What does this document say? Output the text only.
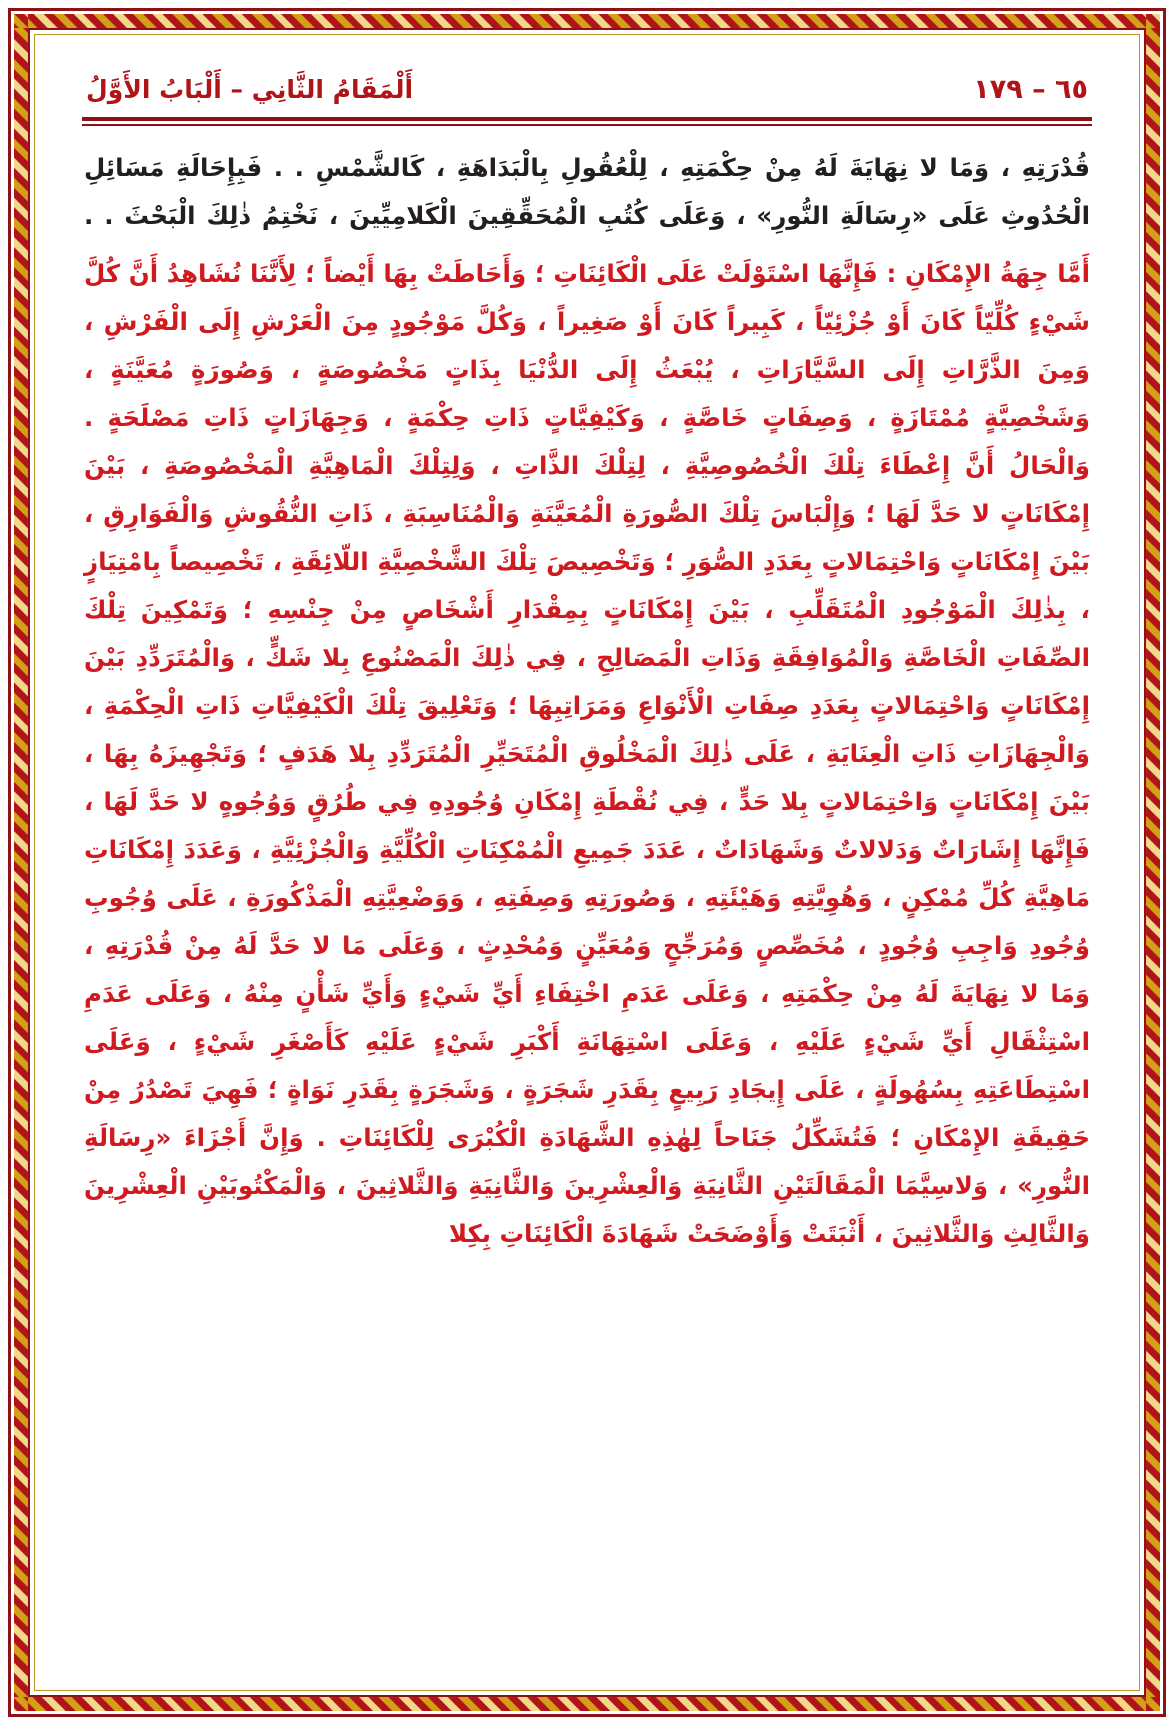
أَلْمَقَامُ الثَّانِي – أَلْبَابُ الأَوَّلُ	٦٥ – ١٧٩

قُدْرَتِهِ ، وَمَا لا نِهَايَةَ لَهُ مِنْ حِكْمَتِهِ ، لِلْعُقُولِ بِالْبَدَاهَةِ ، كَالشَّمْسِ . . فَبِإِحَالَةِ مَسَائِلِ الْحُدُوثِ عَلَى «رِسَالَةِ النُّورِ» ، وَعَلَى كُتُبِ الْمُحَقِّقِينَ الْكَلامِيِّينَ ، نَخْتِمُ ذٰلِكَ الْبَحْثَ . .

أَمَّا جِهَةُ الإِمْكَانِ : فَإِنَّهَا اسْتَوْلَتْ عَلَى الْكَائِنَاتِ ؛ وَأَحَاطَتْ بِهَا أَيْضاً ؛ لِأَنَّنَا نُشَاهِدُ أَنَّ كُلَّ شَيْءٍ كُلِّيّاً كَانَ أَوْ جُزْئِيّاً ، كَبِيراً كَانَ أَوْ صَغِيراً ، وَكُلَّ مَوْجُودٍ مِنَ الْعَرْشِ إِلَى الْفَرْشِ ، وَمِنَ الذَّرَّاتِ إِلَى السَّيَّارَاتِ ، يُبْعَثُ إِلَى الدُّنْيَا بِذَاتٍ مَخْصُوصَةٍ ، وَصُورَةٍ مُعَيَّنَةٍ ، وَشَخْصِيَّةٍ مُمْتَازَةٍ ، وَصِفَاتٍ خَاصَّةٍ ، وَكَيْفِيَّاتٍ ذَاتِ حِكْمَةٍ ، وَجِهَازَاتٍ ذَاتِ مَصْلَحَةٍ . وَالْحَالُ أَنَّ إِعْطَاءَ تِلْكَ الْخُصُوصِيَّةِ ، لِتِلْكَ الذَّاتِ ، وَلِتِلْكَ الْمَاهِيَّةِ الْمَخْصُوصَةِ ، بَيْنَ إِمْكَانَاتٍ لا حَدَّ لَهَا ؛ وَإِلْبَاسَ تِلْكَ الصُّورَةِ الْمُعَيَّنَةِ وَالْمُنَاسِبَةِ ، ذَاتِ النُّقُوشِ وَالْفَوَارِقِ ، بَيْنَ إِمْكَانَاتٍ وَاحْتِمَالاتٍ بِعَدَدِ الصُّوَرِ ؛ وَتَخْصِيصَ تِلْكَ الشَّخْصِيَّةِ اللّائِقَةِ ، تَخْصِيصاً بِامْتِيَازٍ ، بِذٰلِكَ الْمَوْجُودِ الْمُتَقَلِّبِ ، بَيْنَ إِمْكَانَاتٍ بِمِقْدَارِ أَشْخَاصٍ مِنْ جِنْسِهِ ؛ وَتَمْكِينَ تِلْكَ الصِّفَاتِ الْخَاصَّةِ وَالْمُوَافِقَةِ وَذَاتِ الْمَصَالِحِ ، فِي ذٰلِكَ الْمَصْنُوعِ بِلا شَكٍّ ، وَالْمُتَرَدِّدِ بَيْنَ إِمْكَانَاتٍ وَاحْتِمَالاتٍ بِعَدَدِ صِفَاتِ الْأَنْوَاعِ وَمَرَاتِبِهَا ؛ وَتَعْلِيقَ تِلْكَ الْكَيْفِيَّاتِ ذَاتِ الْحِكْمَةِ ، وَالْجِهَازَاتِ ذَاتِ الْعِنَايَةِ ، عَلَى ذٰلِكَ الْمَخْلُوقِ الْمُتَحَيِّرِ الْمُتَرَدِّدِ بِلا هَدَفٍ ؛ وَتَجْهِيزَهُ بِهَا ، بَيْنَ إِمْكَانَاتٍ وَاحْتِمَالاتٍ بِلا حَدٍّ ، فِي نُقْطَةِ إِمْكَانِ وُجُودِهِ فِي طُرُقٍ وَوُجُوهٍ لا حَدَّ لَهَا ، فَإِنَّهَا إِشَارَاتٌ وَدَلالاتٌ وَشَهَادَاتٌ ، عَدَدَ جَمِيعِ الْمُمْكِنَاتِ الْكُلِّيَّةِ وَالْجُزْئِيَّةِ ، وَعَدَدَ إِمْكَانَاتِ مَاهِيَّةِ كُلِّ مُمْكِنٍ ، وَهُوِيَّتِهِ وَهَيْئَتِهِ ، وَصُورَتِهِ وَصِفَتِهِ ، وَوَضْعِيَّتِهِ الْمَذْكُورَةِ ، عَلَى وُجُوبِ وُجُودِ وَاجِبِ وُجُودٍ ، مُخَصِّصٍ وَمُرَجِّحٍ وَمُعَيِّنٍ وَمُحْدِثٍ ، وَعَلَى مَا لا حَدَّ لَهُ مِنْ قُدْرَتِهِ ، وَمَا لا نِهَايَةَ لَهُ مِنْ حِكْمَتِهِ ، وَعَلَى عَدَمِ اخْتِفَاءِ أَيِّ شَيْءٍ وَأَيِّ شَأْنٍ مِنْهُ ، وَعَلَى عَدَمِ اسْتِثْقَالِ أَيِّ شَيْءٍ عَلَيْهِ ، وَعَلَى اسْتِهَانَةِ أَكْبَرِ شَيْءٍ عَلَيْهِ كَأَصْغَرِ شَيْءٍ ، وَعَلَى اسْتِطَاعَتِهِ بِسُهُولَةٍ ، عَلَى إِيجَادِ رَبِيعٍ بِقَدَرِ شَجَرَةٍ ، وَشَجَرَةٍ بِقَدَرِ نَوَاةٍ ؛ فَهِيَ تَصْدُرُ مِنْ حَقِيقَةِ الإِمْكَانِ ؛ فَتُشَكِّلُ جَنَاحاً لِهٰذِهِ الشَّهَادَةِ الْكُبْرَى لِلْكَائِنَاتِ . وَإِنَّ أَجْزَاءَ «رِسَالَةِ النُّورِ» ، وَلاسِيَّمَا الْمَقَالَتَيْنِ الثَّانِيَةِ وَالْعِشْرِينَ وَالثَّانِيَةِ وَالثَّلاثِينَ ، وَالْمَكْتُوبَيْنِ الْعِشْرِينَ وَالثَّالِثِ وَالثَّلاثِينَ ، أَثْبَتَتْ وَأَوْضَحَتْ شَهَادَةَ الْكَائِنَاتِ بِكِلا
